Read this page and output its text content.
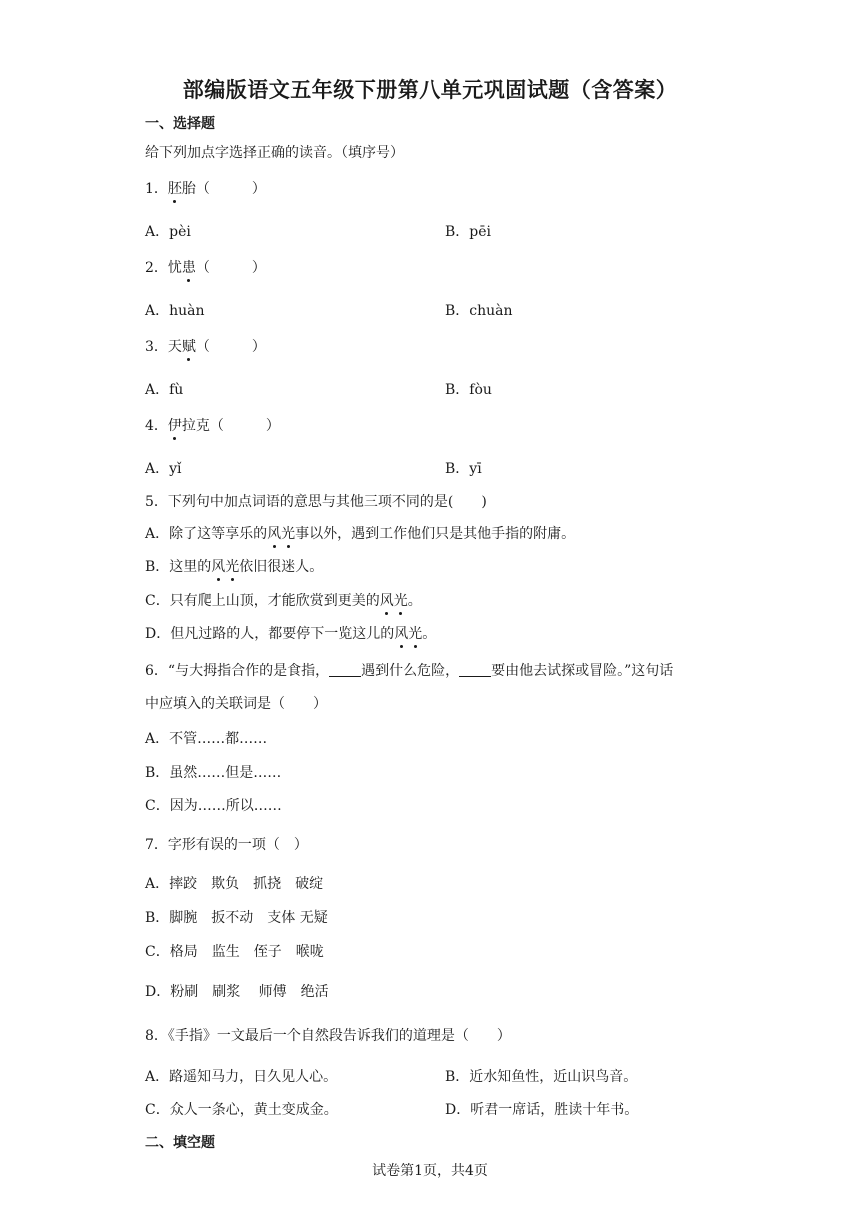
部编版语文五年级下册第八单元巩固试题（含答案）
一、选择题
给下列加点字选择正确的读音。（填序号）
1．胚胎（　　　）
A．pèi	B．pēi
2．忧患（　　　）
A．huàn	B．chuàn
3．天赋（　　　）
A．fù	B．fòu
4．伊拉克（　　　）
A．yǐ	B．yī
5．下列句中加点词语的意思与其他三项不同的是(　　)
A．除了这等享乐的风光事以外，遇到工作他们只是其他手指的附庸。
B．这里的风光依旧很迷人。
C．只有爬上山顶，才能欣赏到更美的风光。
D．但凡过路的人，都要停下一览这儿的风光。
6．“与大拇指合作的是食指， 遇到什么危险， 要由他去试探或冒险。”这句话
中应填入的关联词是（　　）
A．不管……都……
B．虽然……但是……
C．因为……所以……
7．字形有误的一项（　）
A．摔跤　欺负　抓挠　破绽
B．脚腕　扳不动　支体 无疑
C．格局　监生　侄子　喉咙
D．粉刷　刷浆　 师傅　绝活
8．《手指》一文最后一个自然段告诉我们的道理是（　　）
A．路遥知马力，日久见人心。	B．近水知鱼性，近山识鸟音。
C．众人一条心，黄土变成金。	D．听君一席话，胜读十年书。
二、填空题
试卷第1页，共4页
